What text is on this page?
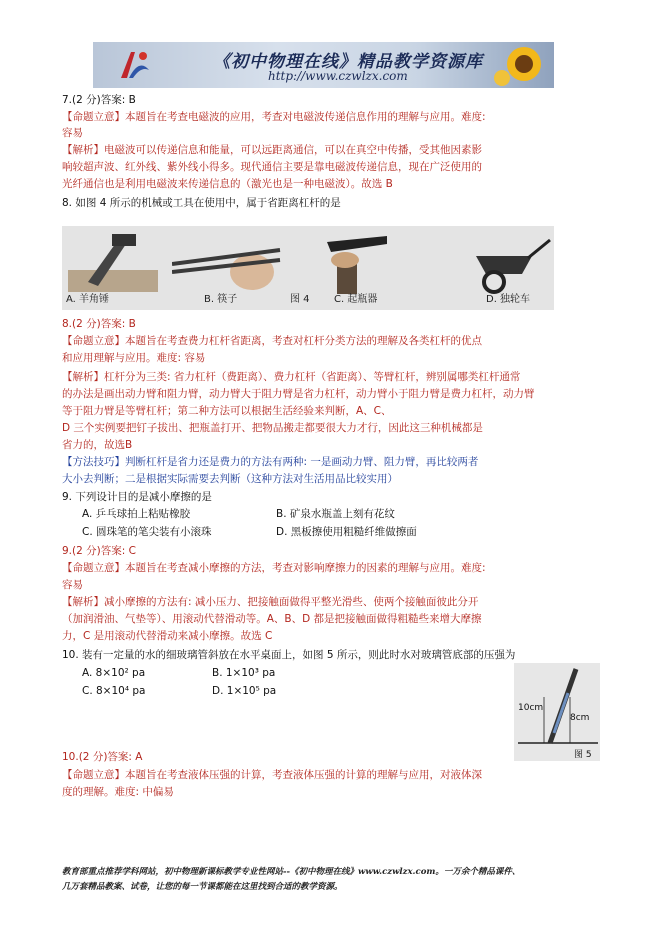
《初中物理在线》精品教学资源库
http://www.czwlzx.com
7.(2 分)答案: B
【命题立意】本题旨在考查电磁波的应用，考查对电磁波传递信息作用的理解与应用。难度:
容易
【解析】电磁波可以传递信息和能量，可以远距离通信，可以在真空中传播，受其他因素影
响较超声波、红外线、紫外线小得多。现代通信主要是靠电磁波传递信息，现在广泛使用的
光纤通信也是利用电磁波来传递信息的（激光也是一种电磁波）。故选 B
8. 如图 4 所示的机械或工具在使用中，属于省距离杠杆的是
A. 羊角锤	B. 筷子	图 4 C. 起瓶器	D. 独轮车
8.(2 分)答案: B
【命题立意】本题旨在考查费力杠杆省距离，考查对杠杆分类方法的理解及各类杠杆的优点
和应用理解与应用。难度: 容易
【解析】杠杆分为三类: 省力杠杆（费距离）、费力杠杆（省距离）、等臂杠杆，辨别属哪类杠杆通常
的办法是画出动力臂和阻力臂，动力臂大于阻力臂是省力杠杆，动力臂小于阻力臂是费力杠杆，动力臂
等于阻力臂是等臂杠杆；第二种方法可以根据生活经验来判断，A、C、
D 三个实例要把钉子拔出、把瓶盖打开、把物品搬走都要很大力才行，因此这三种机械都是
省力的，故选B
【方法技巧】判断杠杆是省力还是费力的方法有两种: 一是画动力臂、阻力臂，再比较两者
大小去判断；二是根据实际需要去判断（这种方法对生活用品比较实用）
9. 下列设计目的是减小摩擦的是
A. 乒乓球拍上粘贴橡胶	B. 矿泉水瓶盖上刻有花纹
C. 圆珠笔的笔尖装有小滚珠	D. 黑板擦使用粗糙纤维做擦面
9.(2 分)答案: C
【命题立意】本题旨在考查减小摩擦的方法，考查对影响摩擦力的因素的理解与应用。难度:
容易
【解析】减小摩擦的方法有: 减小压力、把接触面做得平整光滑些、使两个接触面彼此分开
（加润滑油、气垫等）、用滚动代替滑动等。A、B、D 都是把接触面做得粗糙些来增大摩擦
力，C 是用滚动代替滑动来减小摩擦。故选 C
10. 装有一定量的水的细玻璃管斜放在水平桌面上，如图 5 所示，则此时水对玻璃管底部的压强为
A. 8×10² pa	B. 1×10³ pa
C. 8×10⁴ pa	D. 1×10⁵ pa
10cm
8cm
图 5
10.(2 分)答案: A
【命题立意】本题旨在考查液体压强的计算，考查液体压强的计算的理解与应用，对液体深
度的理解。难度: 中偏易
教育部重点推荐学科网站，初中物理新课标教学专业性网站--《初中物理在线》www.czwlzx.com。一万余个精品课件、
几万套精品教案、试卷，让您的每一节课都能在这里找到合适的教学资源。
